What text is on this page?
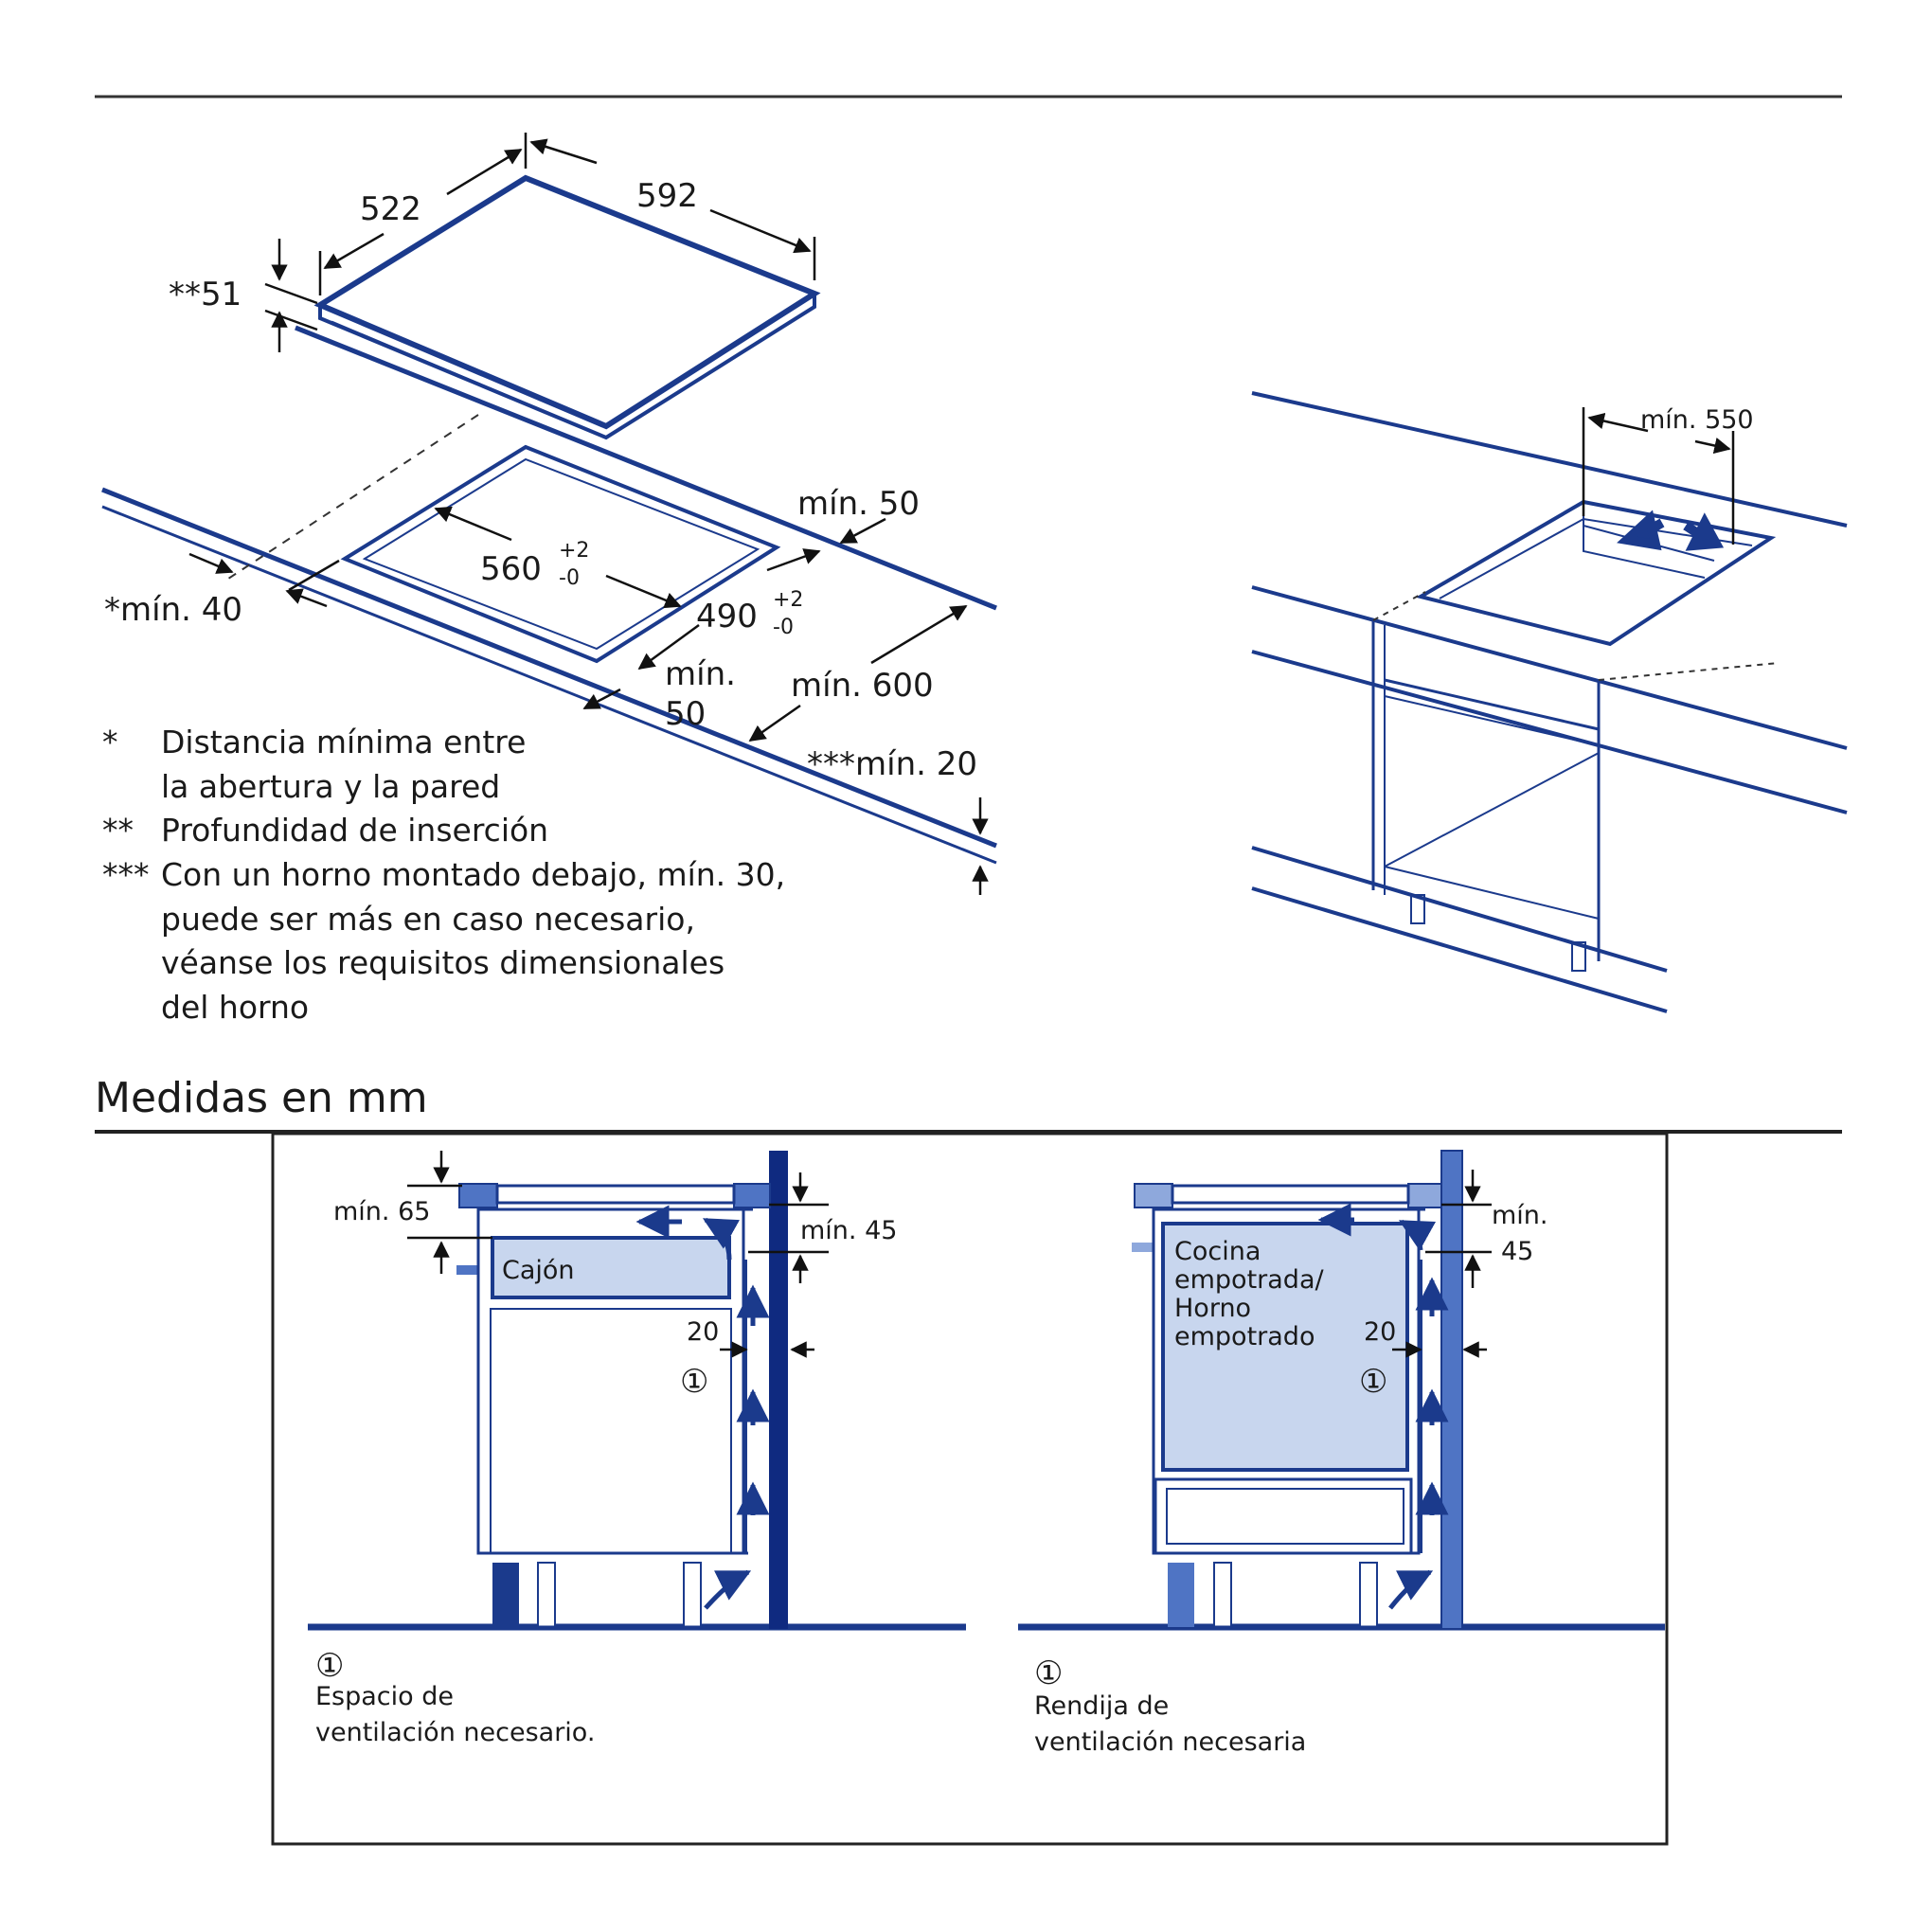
522	592
**51
560 +2
-0
490 +2
-0
mín. 50
*mín. 40
mín.
50
mín. 600
***mín. 20
* Distancia mínima entre
la abertura y la pared
** Profundidad de inserción
*** Con un horno montado debajo, mín. 30,
puede ser más en caso necesario,
véanse los requisitos dimensionales
del horno
mín. 550
Medidas en mm
mín. 65
mín. 45
Cajón
20
①
①
Espacio de
ventilación necesario.
mín.
45
Cocina
empotrada/
Horno
empotrado 20
①
①
Rendija de
ventilación necesaria
